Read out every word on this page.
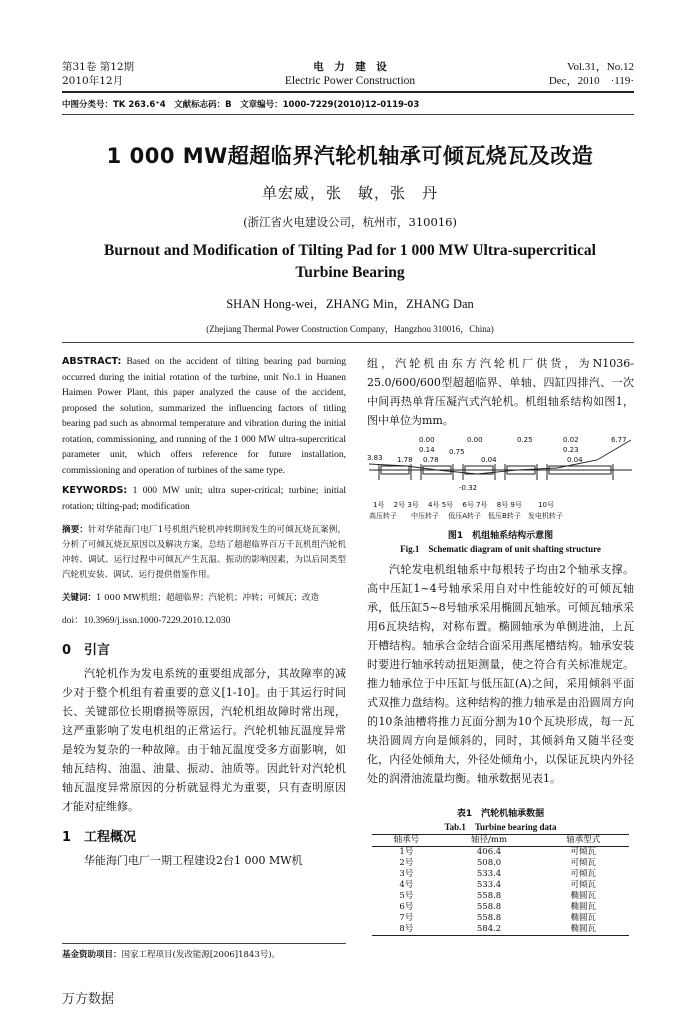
第31卷 第12期
2010年12月
电　力　建　设
Electric Power Construction
Vol.31，No.12
Dec，2010　 ·119·
中图分类号：TK 263.6⁺4　文献标志码：B　文章编号：1000-7229(2010)12-0119-03
1 000 MW超超临界汽轮机轴承可倾瓦烧瓦及改造
单宏威，张　敏，张　丹
(浙江省火电建设公司，杭州市，310016)
Burnout and Modification of Tilting Pad for 1 000 MW Ultra-supercritical
Turbine Bearing
SHAN Hong-wei，ZHANG Min，ZHANG Dan
(Zhejiang Thermal Power Construction Company，Hangzhou 310016，China)
ABSTRACT: Based on the accident of tilting bearing pad burning occurred during the initial rotation of the turbine, unit No.1 in Huanen Haimen Power Plant, this paper analyzed the cause of the accident, proposed the solution, summarized the influencing factors of titling bearing pad such as abnormal temperature and vibration during the initial rotation, commissioning, and running of the 1 000 MW ultra-supercritical parameter unit, which offers reference for future installation, commissioning and operation of turbines of the same type.
KEYWORDS: 1 000 MW unit; ultra super-critical; turbine; initial rotation; tilting-pad; modification
摘要：针对华能海门电厂1号机组汽轮机冲转期间发生的可倾瓦烧瓦案例，分析了可倾瓦烧瓦原因以及解决方案，总结了超超临界百万千瓦机组汽轮机冲转、调试、运行过程中可倾瓦产生瓦温、振动的影响因素，为以后同类型汽轮机安装、调试、运行提供借鉴作用。
关键词：1 000 MW机组；超超临界；汽轮机；冲转；可倾瓦；改造
doi：10.3969/j.issn.1000-7229.2010.12.030
0　引言
汽轮机作为发电系统的重要组成部分，其故障率的减少对于整个机组有着重要的意义[1-10]。由于其运行时间长、关键部位长期磨损等原因，汽轮机组故障时常出现，这严重影响了发电机组的正常运行。汽轮机轴瓦温度异常是较为复杂的一种故障。由于轴瓦温度受多方面影响，如轴瓦结构、油温、油量、振动、油质等。因此针对汽轮机轴瓦温度异常原因的分析就显得尤为重要，只有查明原因才能对症维修。
1　工程概况
华能海门电厂一期工程建设2台1 000 MW机
基金资助项目：国家工程项目(发改能源[2006]1843号)。
组，汽轮机由东方汽轮机厂供货，为N1036-25.0/600/600型超超临界、单轴、四缸四排汽、一次中间再热单背压凝汽式汽轮机。机组轴系结构如图1，图中单位为mm。
3.83 1.78
0.00
0.14
0.78
0.75
0.00
0.04
-0.32
0.25	0.02
0.23
0.04
6.77
1号　 2号 3号　 4号 5号　 6号 7号　 8号 9号　　 10号
高压转子　　中压转子　 低压A转子　低压B转子　发电机转子
图1　机组轴系结构示意图
Fig.1　Schematic diagram of unit shafting structure
汽轮发电机组轴系中每根转子均由2个轴承支撑。高中压缸1~4号轴承采用自对中性能较好的可倾瓦轴承，低压缸5~8号轴承采用椭圆瓦轴承。可倾瓦轴承采用6瓦块结构，对称布置。椭圆轴承为单侧进油，上瓦开槽结构。轴承合金结合面采用燕尾槽结构。轴承安装时要进行轴承转动扭矩测量，使之符合有关标准规定。推力轴承位于中压缸与低压缸(A)之间，采用倾斜平面式双推力盘结构。这种结构的推力轴承是由沿圆周方向的10条油槽将推力瓦面分割为10个瓦块形成，每一瓦块沿圆周方向是倾斜的，同时，其倾斜角又随半径变化，内径处倾角大，外径处倾角小，以保证瓦块内外径处的润滑油流量均衡。轴承数据见表1。
表1　汽轮机轴承数据
Tab.1　Turbine bearing data
轴承号	轴径/mm	轴承型式
1号	406.4	可倾瓦
2号	508.0	可倾瓦
3号	533.4	可倾瓦
4号	533.4	可倾瓦
5号	558.8	椭圆瓦
6号	558.8	椭圆瓦
7号	558.8	椭圆瓦
8号	584.2	椭圆瓦
万方数据
